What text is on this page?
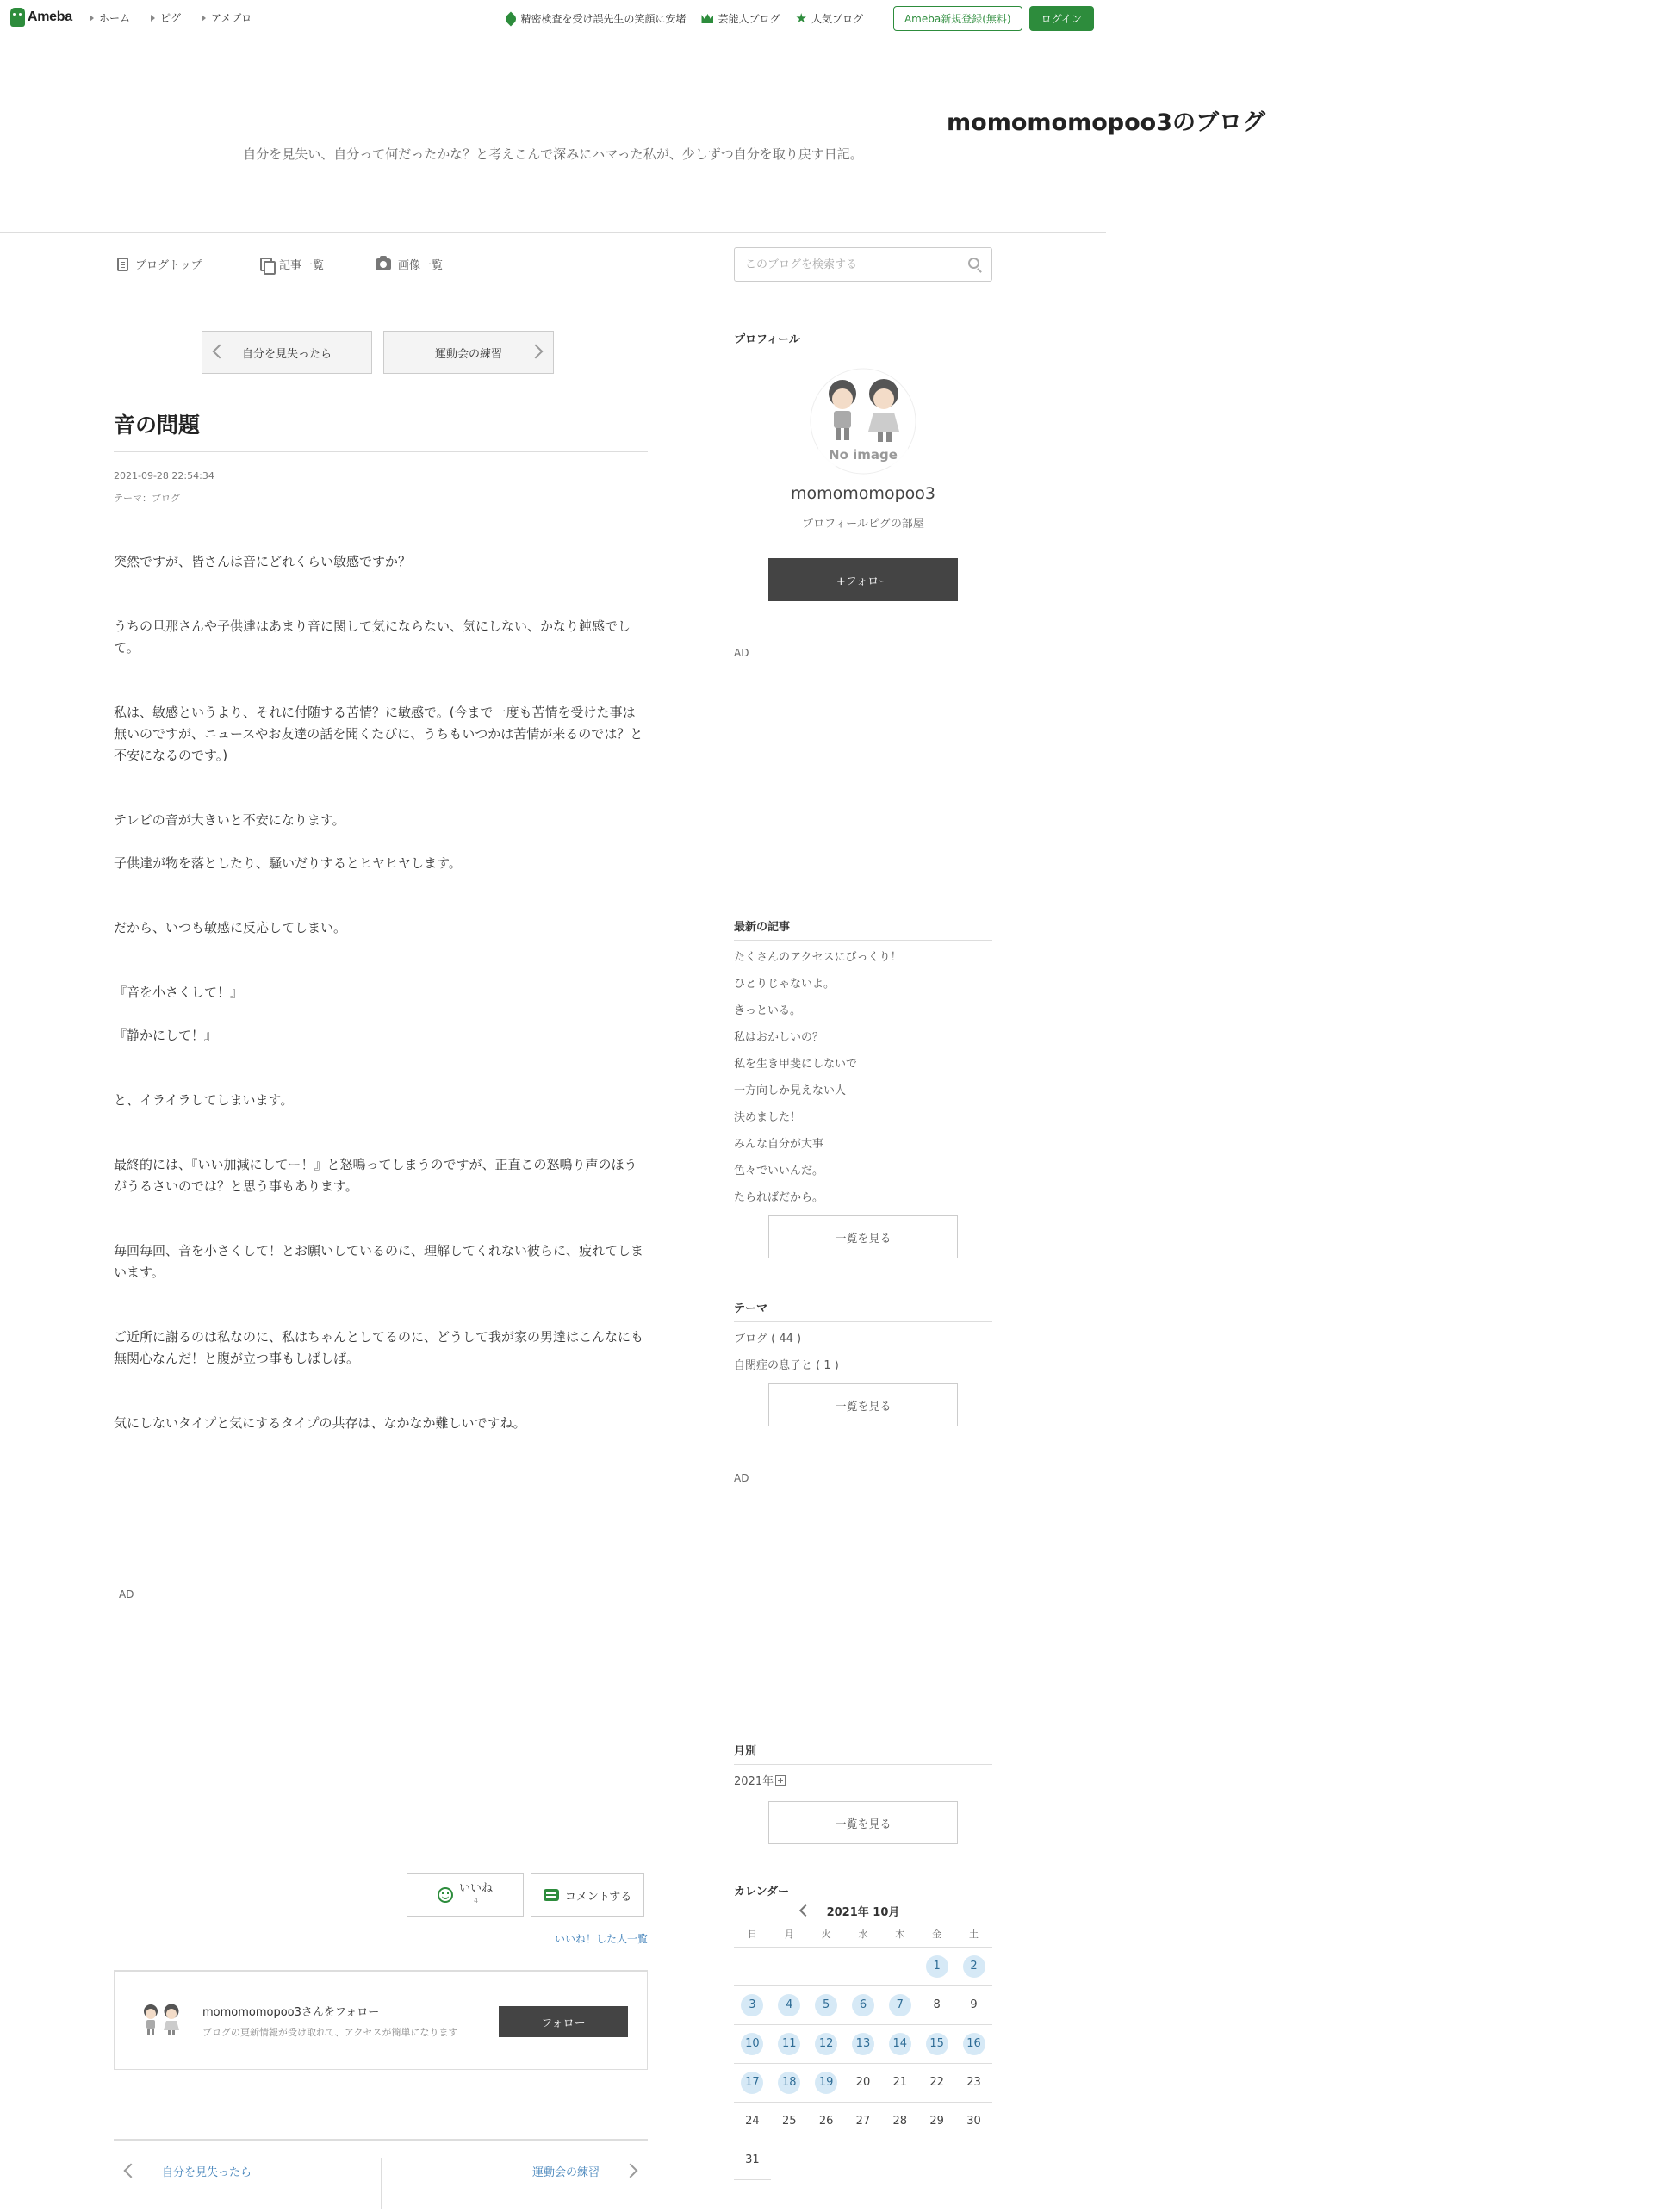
Ameba	ホーム	ピグ	アメブロ	精密検査を受け誤先生の笑顔に安堵	芸能人ブログ ★ 人気ブログ	Ameba新規登録(無料)	ログイン
momomomopoo3のブログ
自分を見失い、自分って何だったかな？と考えこんで深みにハマった私が、少しずつ自分を取り戻す日記。
ブログトップ	記事一覧	画像一覧
このブログを検索する
自分を見失ったら	運動会の練習
音の問題
2021-09-28 22:54:34
テーマ：ブログ

突然ですが、皆さんは音にどれくらい敏感ですか？

うちの旦那さんや子供達はあまり音に関して気にならない、気にしない、かなり鈍感でして。

私は、敏感というより、それに付随する苦情？に敏感で。(今まで一度も苦情を受けた事は無いのですが、ニュースやお友達の話を聞くたびに、うちもいつかは苦情が来るのでは？と不安になるのです。)

テレビの音が大きいと不安になります。

子供達が物を落としたり、騒いだりするとヒヤヒヤします。

だから、いつも敏感に反応してしまい。

『音を小さくして！』

『静かにして！』

と、イライラしてしまいます。

最終的には、『いい加減にしてー！』と怒鳴ってしまうのですが、正直この怒鳴り声のほうがうるさいのでは？と思う事もあります。

毎回毎回、音を小さくして！とお願いしているのに、理解してくれない彼らに、疲れてしまいます。

ご近所に謝るのは私なのに、私はちゃんとしてるのに、どうして我が家の男達はこんなにも無関心なんだ！と腹が立つ事もしばしば。

気にしないタイプと気にするタイプの共存は、なかなか難しいですね。

AD
いいね
4	コメントする
いいね！した人一覧
momomomopoo3さんをフォロー
ブログの更新情報が受け取れて、アクセスが簡単になります
フォロー
自分を見失ったら	運動会の練習
プロフィール
No image
momomomopoo3
プロフィール ピグの部屋
+フォロー
AD
最新の記事
たくさんのアクセスにびっくり！
ひとりじゃないよ。
きっといる。
私はおかしいの？
私を生き甲斐にしないで
一方向しか見えない人
決めました！
みんな自分が大事
色々でいいんだ。
たらればだから。
一覧を見る
テーマ
ブログ ( 44 )
自閉症の息子と ( 1 )
一覧を見る
AD
月別
2021年
一覧を見る
カレンダー
2021年 10月
日	月	火	水	木	金	土
					1	2
3	4	5	6	7	8	9
10	11	12	13	14	15	16
17	18	19	20	21	22	23
24	25	26	27	28	29	30
31						
